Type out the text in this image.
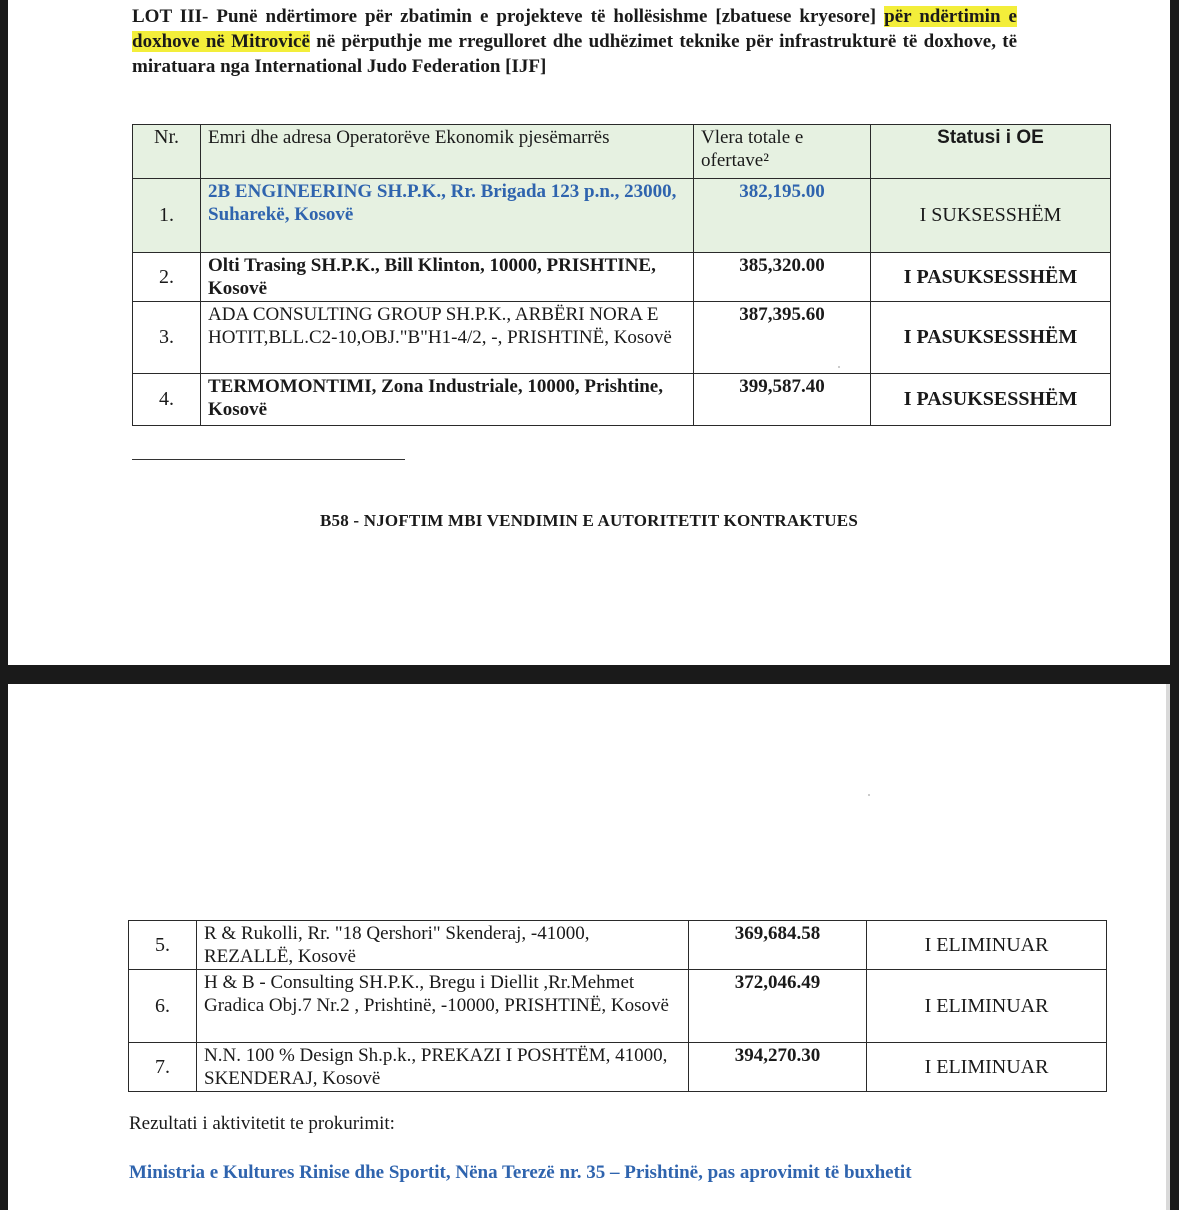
LOT III- Punë ndërtimore për zbatimin e projekteve të hollësishme [zbatuese kryesore] për ndërtimin e doxhove në Mitrovicë në përputhje me rregulloret dhe udhëzimet teknike për infrastrukturë të doxhove, të miratuara nga International Judo Federation [IJF]

Nr.	Emri dhe adresa Operatorëve Ekonomik pjesëmarrës	Vlera totale e ofertave²	Statusi i OE
1.	2B ENGINEERING SH.P.K., Rr. Brigada 123 p.n., 23000, Suharekë, Kosovë	382,195.00	I SUKSESSHËM
2.	Olti Trasing SH.P.K., Bill Klinton, 10000, PRISHTINE, Kosovë	385,320.00	I PASUKSESSHËM
3.	ADA CONSULTING GROUP SH.P.K., ARBËRI NORA E HOTIT,BLL.C2-10,OBJ."B"H1-4/2, -, PRISHTINË, Kosovë	387,395.60	I PASUKSESSHËM
4.	TERMOMONTIMI, Zona Industriale, 10000, Prishtine, Kosovë	399,587.40	I PASUKSESSHËM
B58 - NJOFTIM MBI VENDIMIN E AUTORITETIT KONTRAKTUES
5.	R & Rukolli, Rr. "18 Qershori" Skenderaj, -41000, REZALLË, Kosovë	369,684.58	I ELIMINUAR
6.	H & B - Consulting SH.P.K., Bregu i Diellit ,Rr.Mehmet Gradica Obj.7 Nr.2 , Prishtinë, -10000, PRISHTINË, Kosovë	372,046.49	I ELIMINUAR
7.	N.N. 100 % Design Sh.p.k., PREKAZI I POSHTËM, 41000, SKENDERAJ, Kosovë	394,270.30	I ELIMINUAR
Rezultati i aktivitetit te prokurimit:
Ministria e Kultures Rinise dhe Sportit, Nëna Terezë nr. 35 – Prishtinë, pas aprovimit të buxhetit
